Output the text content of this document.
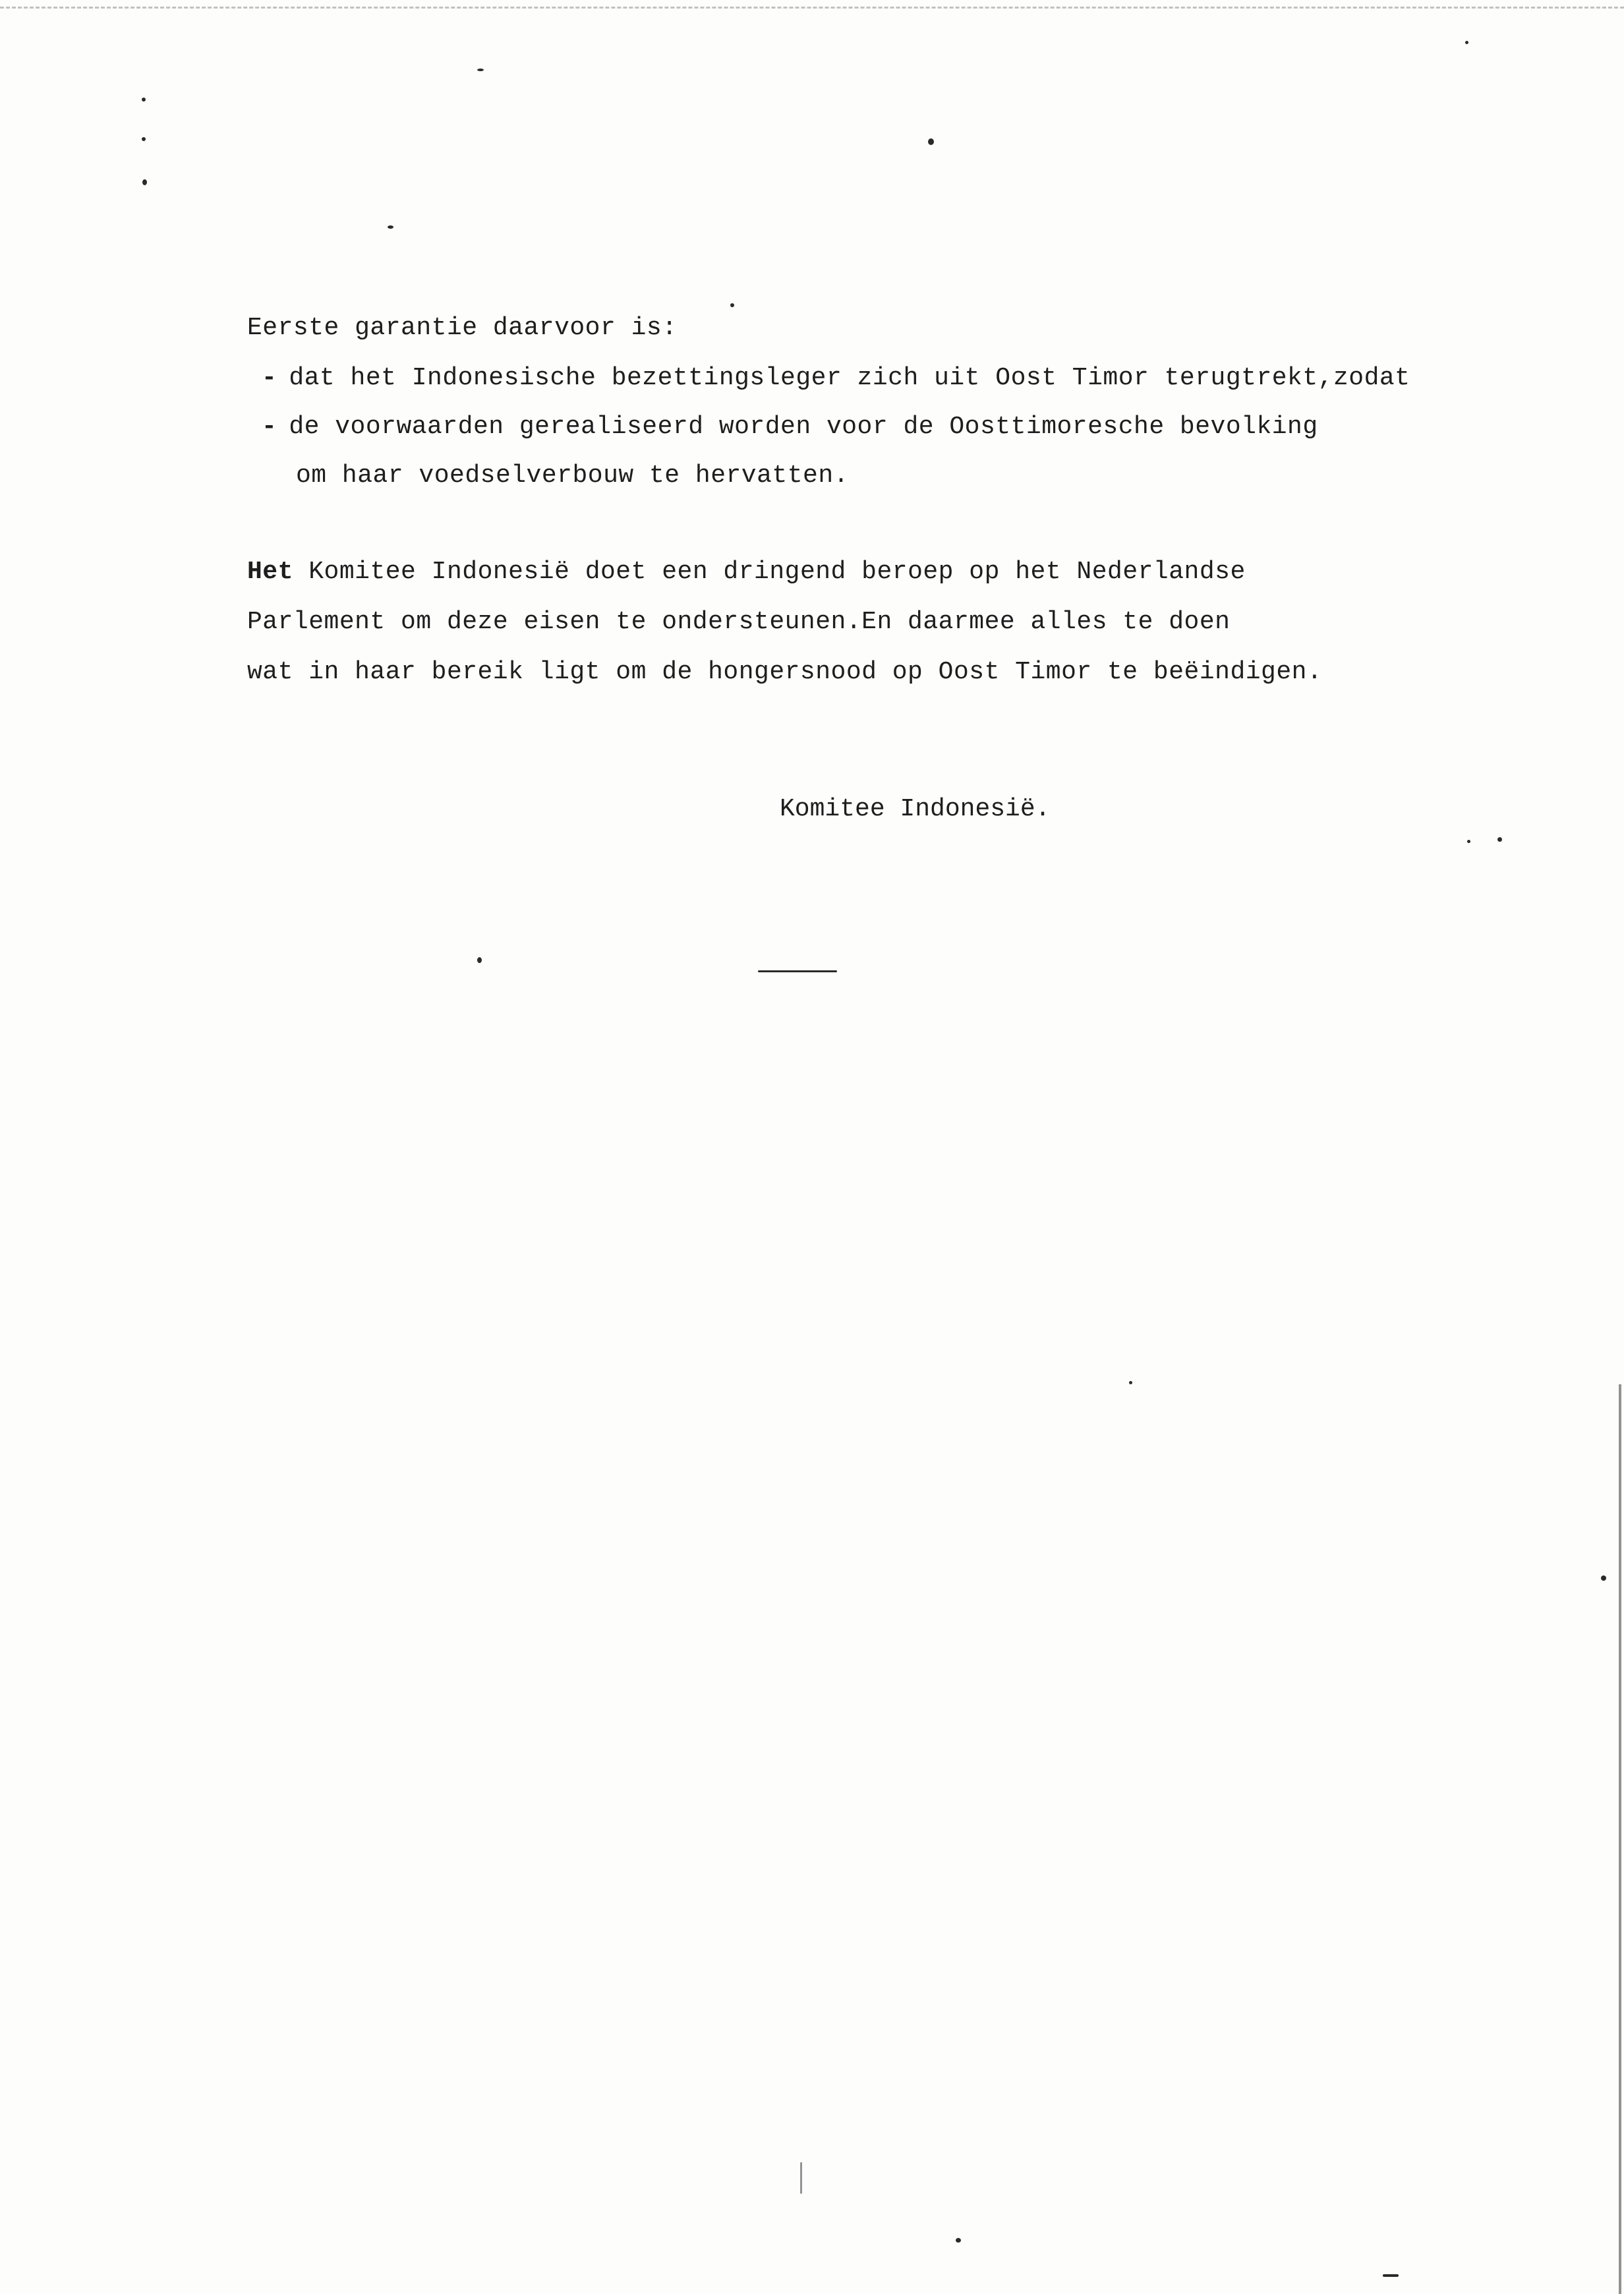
Eerste garantie daarvoor is:
- dat het Indonesische bezettingsleger zich uit Oost Timor terugtrekt,zodat
- de voorwaarden gerealiseerd worden voor de Oosttimoresche bevolking
om haar voedselverbouw te hervatten.
Het Komitee Indonesië doet een dringend beroep op het Nederlandse
Parlement om deze eisen te ondersteunen.En daarmee alles te doen
wat in haar bereik ligt om de hongersnood op Oost Timor te beëindigen.
Komitee Indonesië.
